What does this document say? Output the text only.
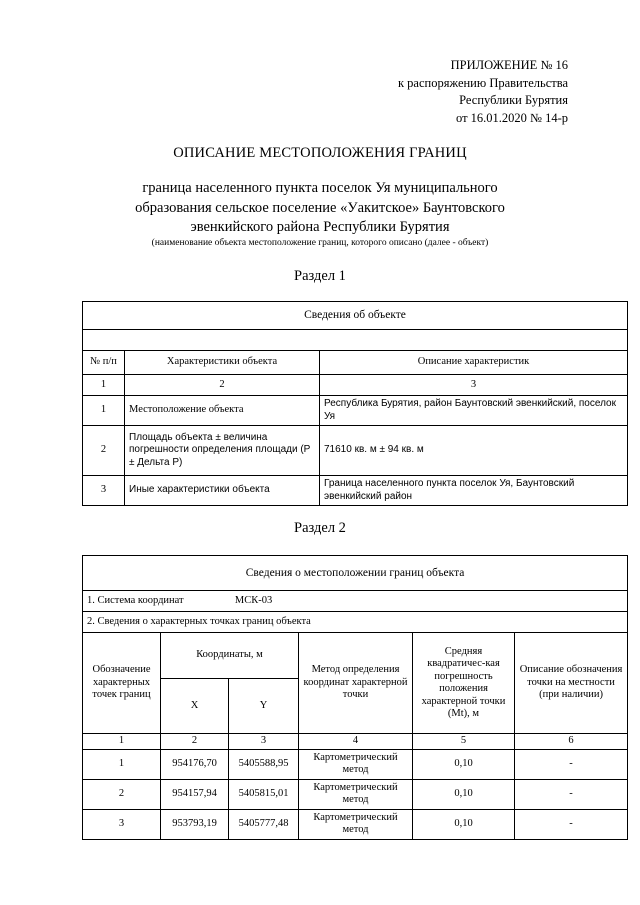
ПРИЛОЖЕНИЕ № 16
к распоряжению Правительства
Республики Бурятия
от 16.01.2020 № 14-р
ОПИСАНИЕ МЕСТОПОЛОЖЕНИЯ ГРАНИЦ
граница населенного пункта поселок Уя муниципального
образования сельское поселение «Уакитское» Баунтовского
эвенкийского района Республики Бурятия
(наименование объекта местоположение границ, которого описано (далее - объект)
Раздел 1
Сведения об объекте		

№ п/п	Характеристики объекта	Описание характеристик
1	2	3
1	Местоположение объекта	Республика Бурятия, район Баунтовский эвенкийский, поселок Уя
2	Площадь объекта ± величина погрешности определения площади (Р ± Дельта Р)	71610 кв. м ± 94 кв. м
3	Иные характеристики объекта	Граница населенного пункта поселок Уя, Баунтовский эвенкийский район
Раздел 2
Сведения о местоположении границ объекта					
1. Система координат МСК-03					
2. Сведения о характерных точках границ объекта					
Обозначение характерных точек границ	Координаты, м		Метод определения координат характерной точки	Средняя квадратичес-кая погрешность положения характерной точки (Mt), м	Описание обозначения точки на местности (при наличии)
	X	Y			
1	2	3	4	5	6
1	954176,70	5405588,95	Картометрический метод	0,10	-
2	954157,94	5405815,01	Картометрический метод	0,10	-
3	953793,19	5405777,48	Картометрический метод	0,10	-
